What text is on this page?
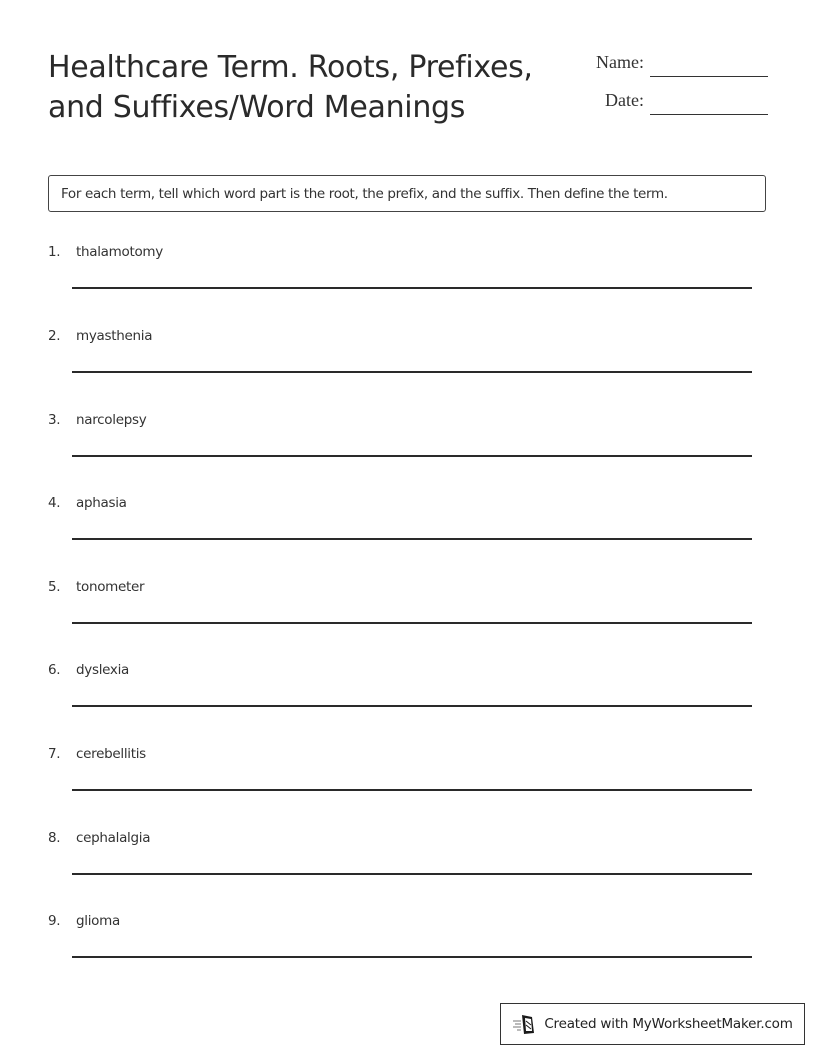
Healthcare Term. Roots, Prefixes, and Suffixes/Word Meanings
Name:
Date:
For each term, tell which word part is the root, the prefix, and the suffix. Then define the term.
1.	thalamotomy
2.	myasthenia
3.	narcolepsy
4.	aphasia
5.	tonometer
6.	dyslexia
7.	cerebellitis
8.	cephalalgia
9.	glioma
Created with MyWorksheetMaker.com
